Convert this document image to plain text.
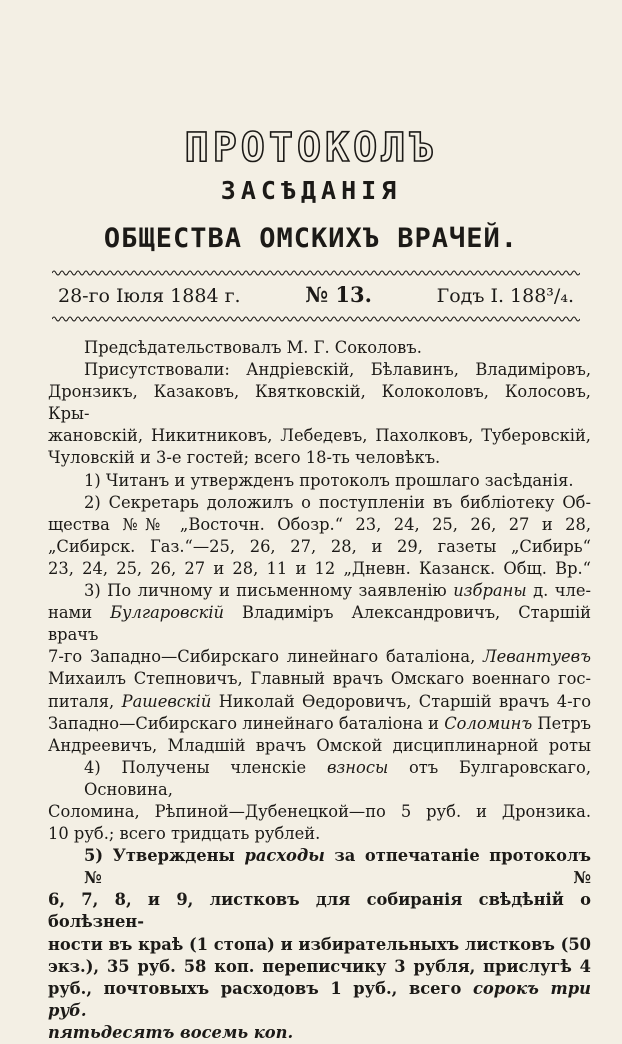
ПРОТОКОЛЪ
ЗАСѢДАНІЯ
ОБЩЕСТВА ОМСКИХЪ ВРАЧЕЙ.
28-го Іюля 1884 г.	№ 13.	Годъ I. 188³/₄.
Предсѣдательствовалъ М. Г. Соколовъ.
Присутствовали: Андріевскій, Бѣлавинъ, Владиміровъ,
Дронзикъ, Казаковъ, Квятковскій, Колоколовъ, Колосовъ, Кры-
жановскій, Никитниковъ, Лебедевъ, Пахолковъ, Туберовскій,
Чуловскій и 3-е гостей; всего 18-ть человѣкъ.
1) Читанъ и утвержденъ протоколъ прошлаго засѣданія.
2) Секретарь доложилъ о поступленіи въ библіотеку Об-
щества №№ „Восточн. Обозр.“ 23, 24, 25, 26, 27 и 28,
„Сибирск. Газ.“—25, 26, 27, 28, и 29, газеты „Сибирь“
23, 24, 25, 26, 27 и 28, 11 и 12 „Дневн. Казанск. Общ. Вр.“
3) По личному и письменному заявленію избраны д. чле-
нами Булгаровскій Владиміръ Александровичъ, Старшій врачъ
7-го Западно—Сибирскаго линейнаго баталіона, Левантуевъ
Михаилъ Степновичъ, Главный врачъ Омскаго военнаго гос-
питаля, Рашевскій Николай Ѳедоровичъ, Старшій врачъ 4-го
Западно—Сибирскаго линейнаго баталіона и Соломинъ Петръ
Андреевичъ, Младшій врачъ Омской дисциплинарной роты
4) Получены членскіе взносы отъ Булгаровскаго, Основина,
Соломина, Рѣпиной—Дубенецкой—по 5 руб. и Дронзика.
10 руб.; всего тридцать рублей.
5) Утверждены расходы за отпечатаніе протоколъ №№
6, 7, 8, и 9, листковъ для собиранія свѣдѣній о болѣзнен-
ности въ краѣ (1 стопа) и избирательныхъ листковъ (50
экз.), 35 руб. 58 коп. переписчику 3 рубля, прислугѣ 4
руб., почтовыхъ расходовъ 1 руб., всего сорокъ три руб.
пятьдесятъ восемь коп.
